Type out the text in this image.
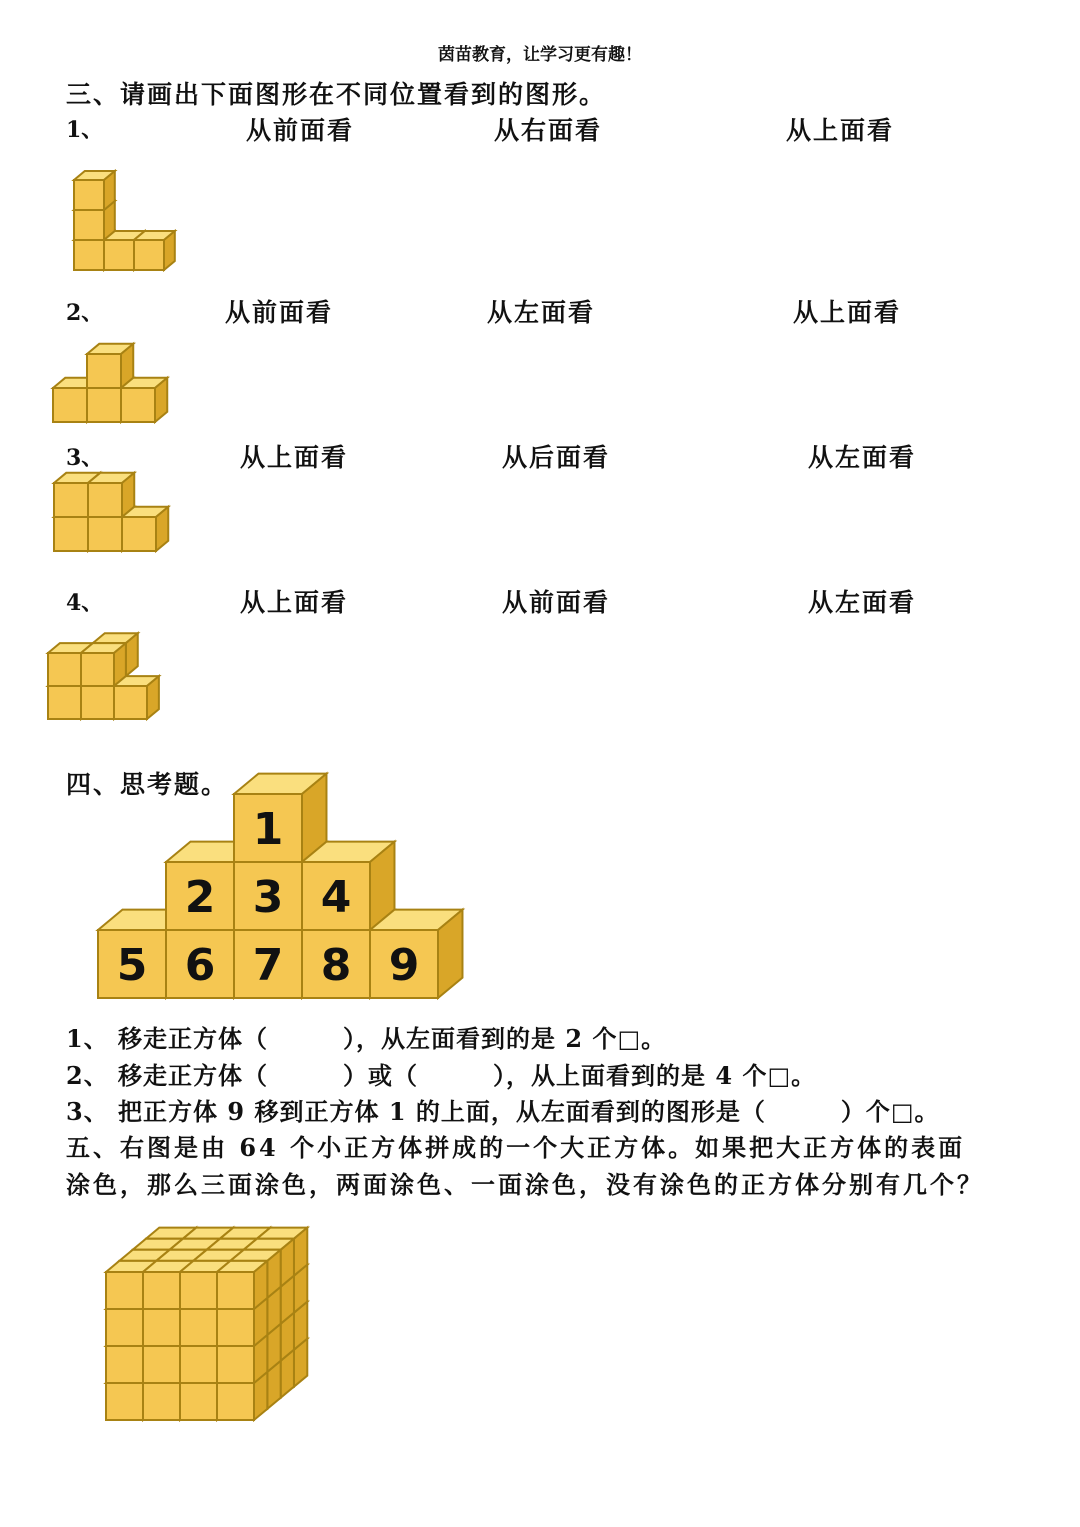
茵苗教育，让学习更有趣！
三、请画出下面图形在不同位置看到的图形。
1、	从前面看	从右面看	从上面看
2、	从前面看	从左面看	从上面看
3、	从上面看	从后面看	从左面看
4、	从上面看	从前面看	从左面看
四、思考题。
1
2 3 4
5 6 7 8 9
1、 移走正方体（　　　），从左面看到的是 2 个□。
2、 移走正方体（　　　）或（　　　），从上面看到的是 4 个□。
3、 把正方体 9 移到正方体 1 的上面，从左面看到的图形是（　　　）个□。
五、右图是由 64 个小正方体拼成的一个大正方体。如果把大正方体的表面
涂色，那么三面涂色，两面涂色、一面涂色，没有涂色的正方体分别有几个？
